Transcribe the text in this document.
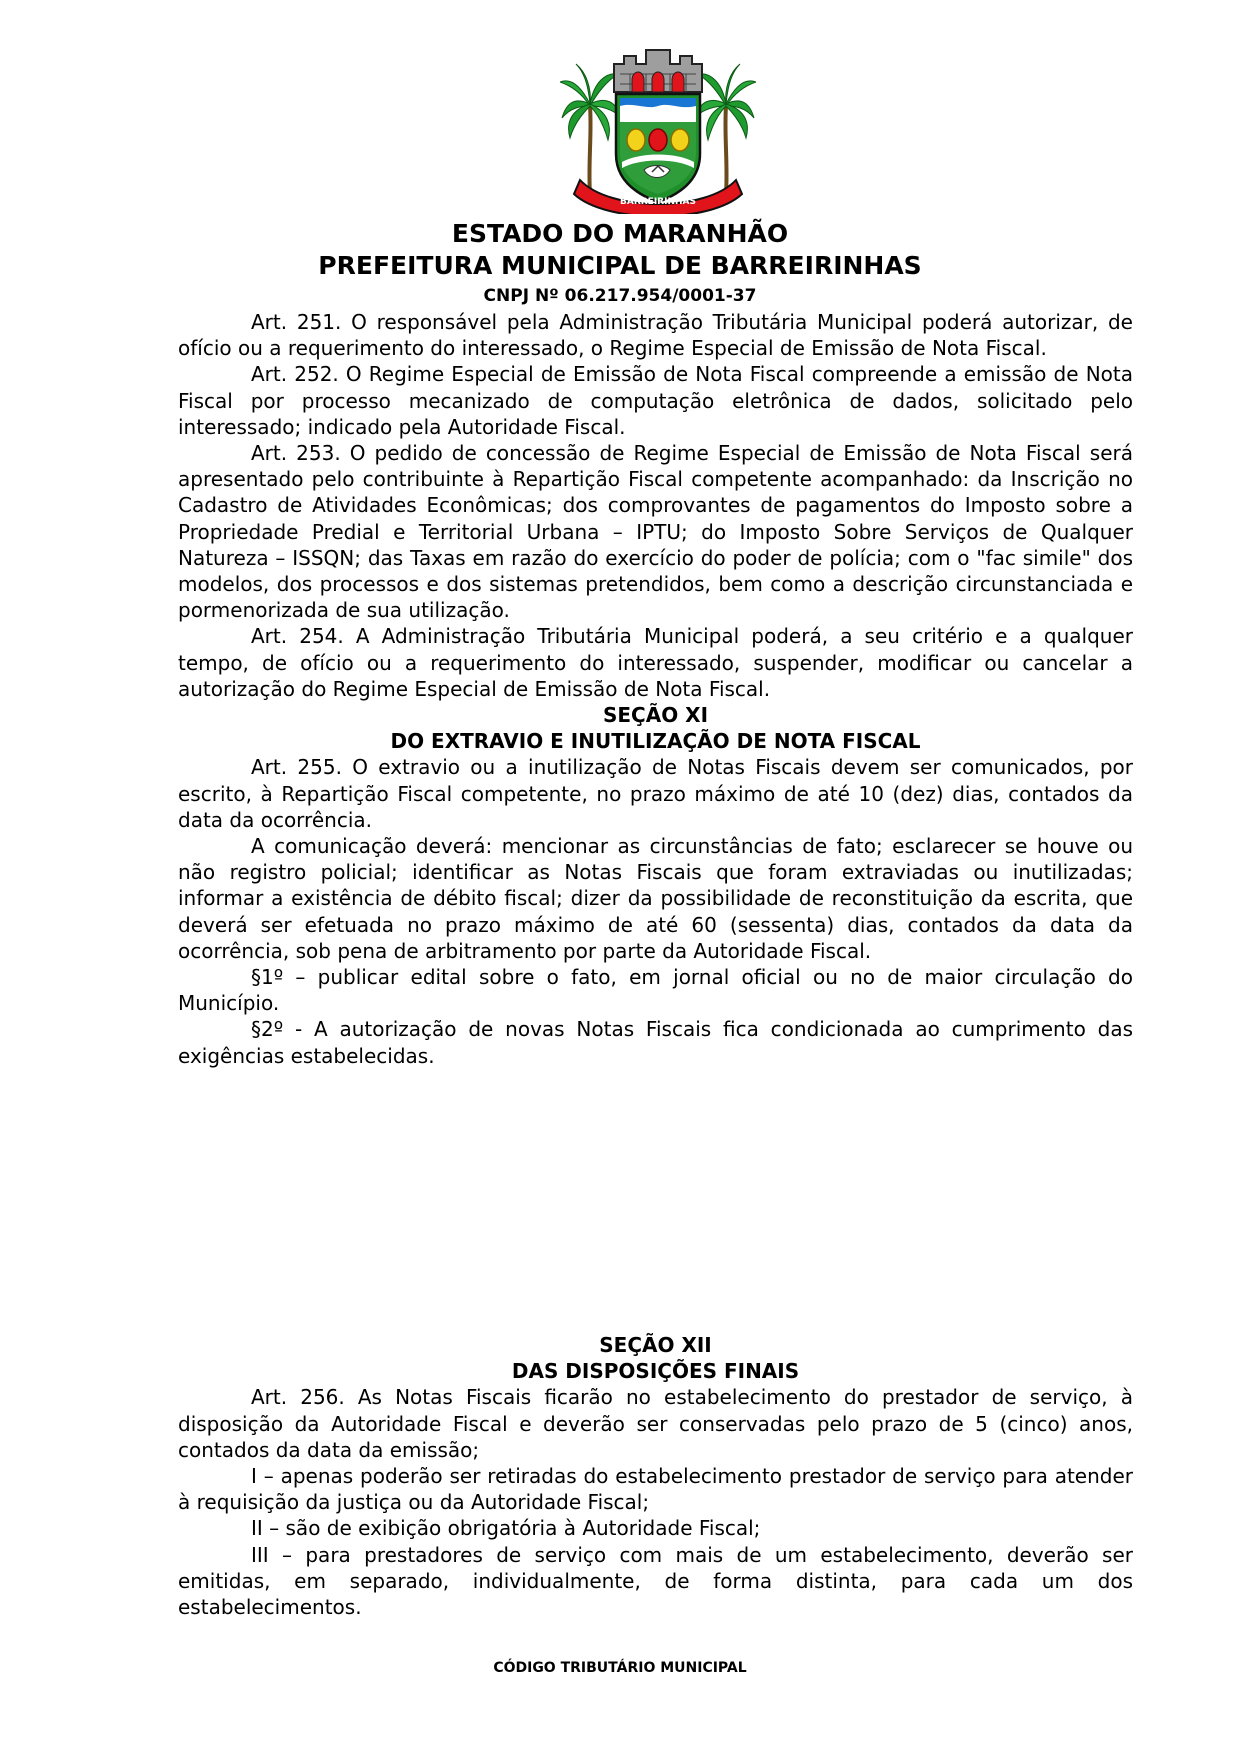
BARREIRINHAS
ESTADO DO MARANHÃO
PREFEITURA MUNICIPAL DE BARREIRINHAS
CNPJ Nº 06.217.954/0001-37

Art. 251. O responsável pela Administração Tributária Municipal poderá autorizar, de ofício ou a requerimento do interessado, o Regime Especial de Emissão de Nota Fiscal.

Art. 252. O Regime Especial de Emissão de Nota Fiscal compreende a emissão de Nota Fiscal por processo mecanizado de computação eletrônica de dados, solicitado pelo interessado; indicado pela Autoridade Fiscal.

Art. 253. O pedido de concessão de Regime Especial de Emissão de Nota Fiscal será apresentado pelo contribuinte à Repartição Fiscal competente acompanhado: da Inscrição no Cadastro de Atividades Econômicas; dos comprovantes de pagamentos do Imposto sobre a Propriedade Predial e Territorial Urbana – IPTU; do Imposto Sobre Serviços de Qualquer Natureza – ISSQN; das Taxas em razão do exercício do poder de polícia; com o "fac simile" dos modelos, dos processos e dos sistemas pretendidos, bem como a descrição circunstanciada e pormenorizada de sua utilização.

Art. 254. A Administração Tributária Municipal poderá, a seu critério e a qualquer tempo, de ofício ou a requerimento do interessado, suspender, modificar ou cancelar a autorização do Regime Especial de Emissão de Nota Fiscal.

SEÇÃO XI

DO EXTRAVIO E INUTILIZAÇÃO DE NOTA FISCAL

Art. 255. O extravio ou a inutilização de Notas Fiscais devem ser comunicados, por escrito, à Repartição Fiscal competente, no prazo máximo de até 10 (dez) dias, contados da data da ocorrência.

A comunicação deverá: mencionar as circunstâncias de fato; esclarecer se houve ou não registro policial; identificar as Notas Fiscais que foram extraviadas ou inutilizadas; informar a existência de débito fiscal; dizer da possibilidade de reconstituição da escrita, que deverá ser efetuada no prazo máximo de até 60 (sessenta) dias, contados da data da ocorrência, sob pena de arbitramento por parte da Autoridade Fiscal.

§1º – publicar edital sobre o fato, em jornal oficial ou no de maior circulação do Município.

§2º - A autorização de novas Notas Fiscais fica condicionada ao cumprimento das exigências estabelecidas.

SEÇÃO XII

DAS DISPOSIÇÕES FINAIS

Art. 256. As Notas Fiscais ficarão no estabelecimento do prestador de serviço, à disposição da Autoridade Fiscal e deverão ser conservadas pelo prazo de 5 (cinco) anos, contados da data da emissão;

I – apenas poderão ser retiradas do estabelecimento prestador de serviço para atender à requisição da justiça ou da Autoridade Fiscal;

II – são de exibição obrigatória à Autoridade Fiscal;

III – para prestadores de serviço com mais de um estabelecimento, deverão ser emitidas, em separado, individualmente, de forma distinta, para cada um dos estabelecimentos.

CÓDIGO TRIBUTÁRIO MUNICIPAL
